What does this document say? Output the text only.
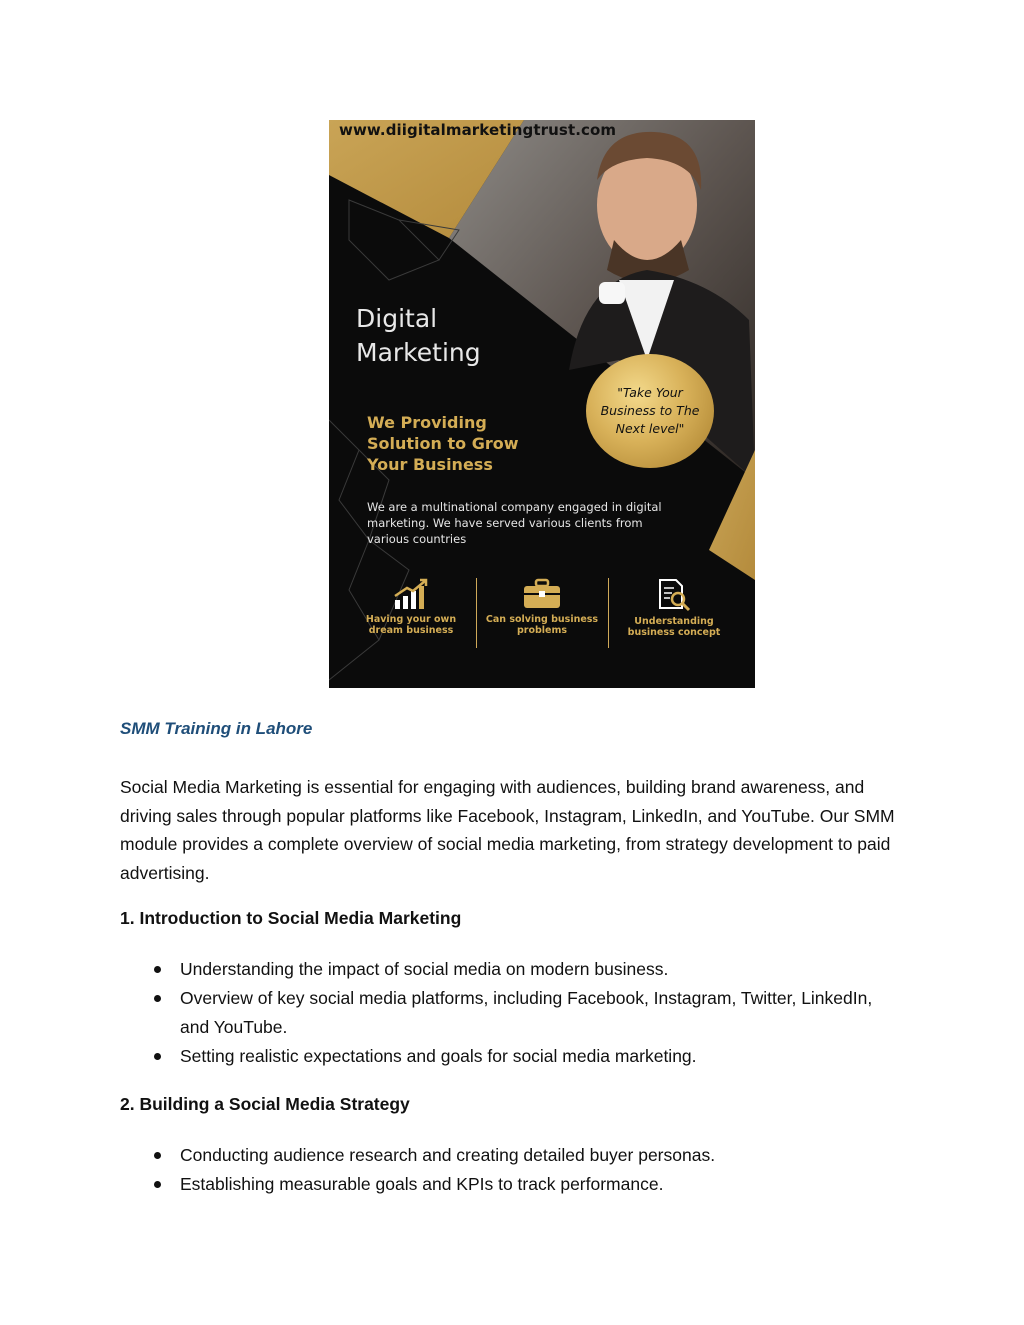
www.diigitalmarketingtrust.com
Digital
Marketing
We Providing
Solution to Grow
Your Business
We are a multinational company engaged in digital marketing. We have served various clients from various countries
"Take Your
Business to The
Next level"
Having your own
dream business
Can solving business
problems
Understanding
business concept
SMM Training in Lahore
Social Media Marketing is essential for engaging with audiences, building brand awareness, and driving sales through popular platforms like Facebook, Instagram, LinkedIn, and YouTube. Our SMM module provides a complete overview of social media marketing, from strategy development to paid advertising.
1. Introduction to Social Media Marketing
Understanding the impact of social media on modern business.
Overview of key social media platforms, including Facebook, Instagram, Twitter, LinkedIn, and YouTube.
Setting realistic expectations and goals for social media marketing.
2. Building a Social Media Strategy
Conducting audience research and creating detailed buyer personas.
Establishing measurable goals and KPIs to track performance.
